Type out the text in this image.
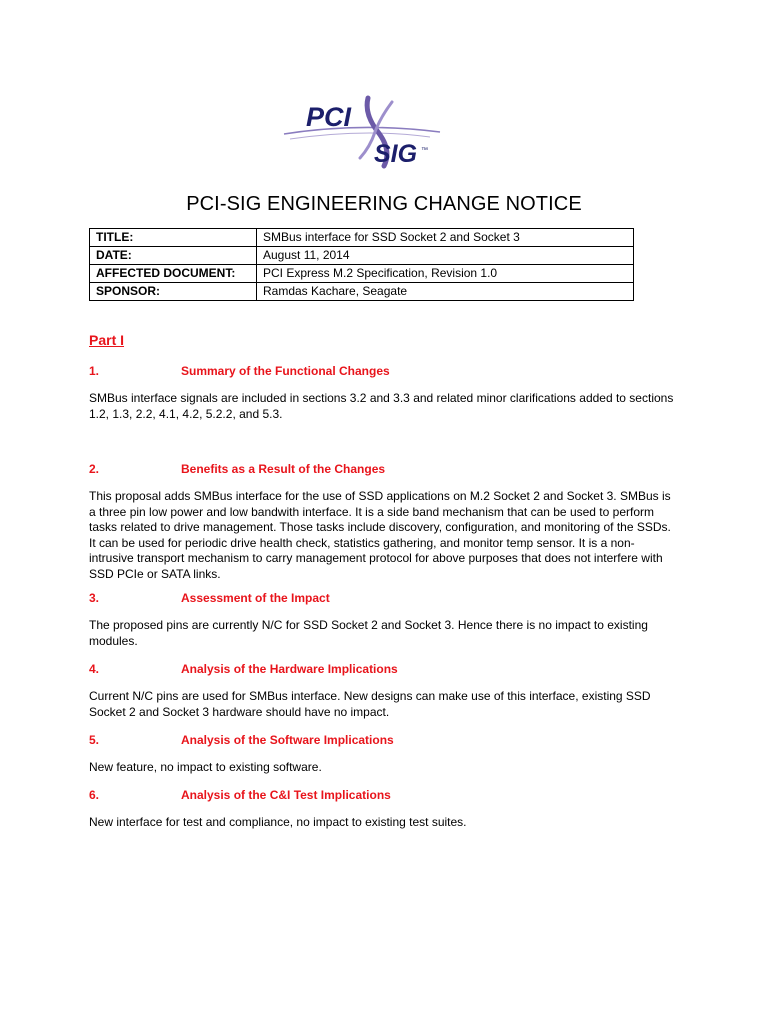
PCI
SIG ™
PCI-SIG ENGINEERING CHANGE NOTICE
TITLE:	SMBus interface for SSD Socket 2 and Socket 3
DATE:	August 11, 2014
AFFECTED DOCUMENT:	PCI Express M.2 Specification, Revision 1.0
SPONSOR:	Ramdas Kachare, Seagate
Part I
1.	Summary of the Functional Changes
SMBus interface signals are included in sections 3.2 and 3.3 and related minor clarifications added to sections 1.2, 1.3, 2.2, 4.1, 4.2, 5.2.2, and 5.3.
2.	Benefits as a Result of the Changes
This proposal adds SMBus interface for the use of SSD applications on M.2 Socket 2 and Socket 3. SMBus is a three pin low power and low bandwith interface. It is a side band mechanism that can be used to perform tasks related to drive management. Those tasks include discovery, configuration, and monitoring of the SSDs. It can be used for periodic drive health check, statistics gathering, and monitor temp sensor. It is a non-intrusive transport mechanism to carry management protocol for above purposes that does not interfere with SSD PCIe or SATA links.
3.	Assessment of the Impact
The proposed pins are currently N/C for SSD Socket 2 and Socket 3. Hence there is no impact to existing modules.
4.	Analysis of the Hardware Implications
Current N/C pins are used for SMBus interface. New designs can make use of this interface, existing SSD Socket 2 and Socket 3 hardware should have no impact.
5.	Analysis of the Software Implications
New feature, no impact to existing software.
6.	Analysis of the C&I Test Implications
New interface for test and compliance, no impact to existing test suites.
